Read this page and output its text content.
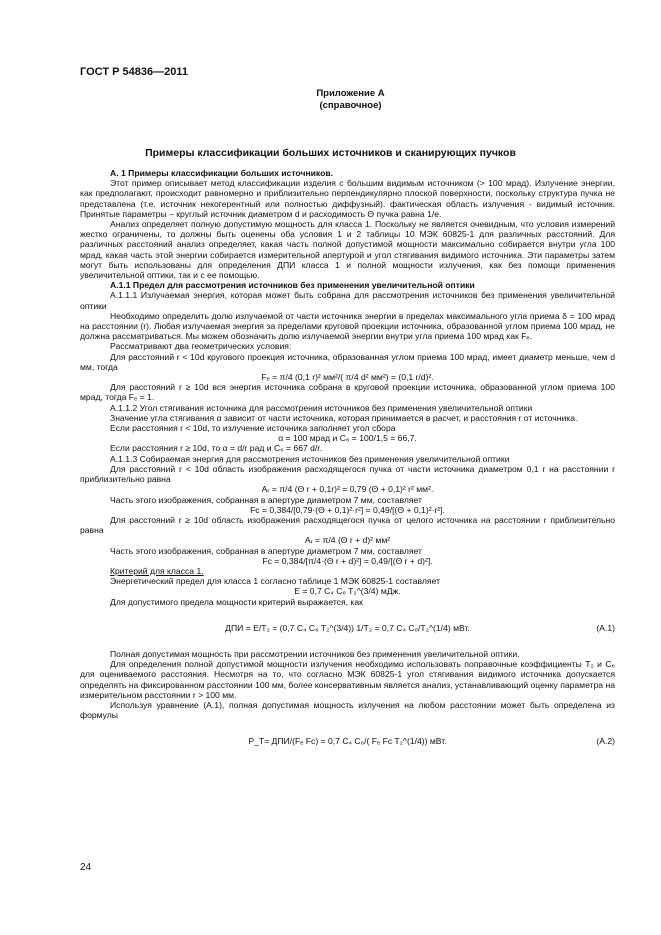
ГОСТ Р 54836—2011
Приложение А
(справочное)
Примеры классификации больших источников и сканирующих пучков

А. 1 Примеры классификации больших источников.

Этот пример описывает метод классификации изделия с большим видимым источником (> 100 мрад). Излучение энергии, как предполагают, происходит равномерно и приблизительно перпендикулярно плоской поверхности, поскольку структура пучка не представлена (т.е. источник некогерентный или полностью диффузный). фактическая область излучения - видимый источник. Принятые параметры – круглый источник диаметром d и расходимость Θ пучка равна 1/e.

Анализ определяет полную допустимую мощность для класса 1. Поскольку не является очевидным, что условия измерений жестко ограничены, то должны быть оценены оба условия 1 и 2 таблицы 10 МЭК 60825-1 для различных расстояний. Для различных расстояний анализ определяет, какая часть полной допустимой мощности максимально собирается внутри угла 100 мрад, какая часть этой энергии собирается измерительной апертурой и угол стягивания видимого источника. Эти параметры затем могут быть использованы для определения ДПИ класса 1 и полной мощности излучения, как без помощи применения увеличительной оптики, так и с ее помощью.

А.1.1 Предел для рассмотрения источников без применения увеличительной оптики

А.1.1.1 Излучаемая энергия, которая может быть собрана для рассмотрения источников без применения увеличительной оптики

Необходимо определить долю излучаемой от части источника энергии в пределах максимального угла приема δ = 100 мрад на расстоянии (r). Любая излучаемая энергия за пределами круговой проекции источника, образованной углом приема 100 мрад, не должна рассматриваться. Мы можем обозначить долю излучаемой энергии внутри угла приема 100 мрад как Fₑ.

Рассматривают два геометрических условия:

Для расстояний r < 10d кругового проекция источника, образованная углом приема 100 мрад, имеет диаметр меньше, чем d мм, тогда

Fₑ = π/4 (0,1 r)² мм²/( π/4 d² мм²) = (0,1 r/d)².

Для расстояний r ≥ 10d вся энергия источника собрана в круговой проекции источника, образованной углом приема 100 мрад, тогда Fₑ = 1.

А.1.1.2 Угол стягивания источника для рассмотрения источников без применения увеличительной оптики

Значение угла стягивания α зависит от части источника, которая принимается в расчет, и расстояния r от источника.

Если расстояния r < 10d, то излучение источника заполняет угол сбора

α = 100 мрад и C₆ = 100/1,5 = 66,7.

Если расстояния r ≥ 10d, то α = d/r рад и C₆ = 667 d/r.

А.1.1.3 Собираемая энергия для рассмотрения источников без применения увеличительной оптики

Для расстояний r < 10d область изображения расходящегося пучка от части источника диаметром 0,1 r на расстоянии r приблизительно равна

Aᵣ = π/4 (Θ r + 0,1r)² = 0,79 (Θ + 0,1)² r² мм².

Часть этого изображения, собранная в апертуре диаметром 7 мм, составляет

Fc = 0,384/[0,79·(Θ + 0,1)²·r²] = 0,49/[(Θ + 0,1)²·r²].

Для расстояний r ≥ 10d область изображения расходящегося пучка от целого источника на расстоянии r приблизительно равна

Aᵣ = π/4 (Θ r + d)² мм²

Часть этого изображения, собранная в апертуре диаметром 7 мм, составляет

Fc = 0,384/[π/4·(Θ r + d)²] = 0,49/[(Θ r + d)²].

Критерий для класса 1.

Энергетический предел для класса 1 согласно таблице 1 МЭК 60825-1 составляет

E = 0,7 C₄ C₆ T₂^(3/4) мДж.

Для допустимого предела мощности критерий выражается, как

ДПИ = E/T₂ = (0,7 C₄ C₆ T₂^(3/4)) 1/T₂ = 0,7 C₄ C₆/T₂^(1/4) мВт.	(A.1)

Полная допустимая мощность при рассмотрении источников без применения увеличительной оптики.

Для определения полной допустимой мощности излучения необходимо использовать поправочные коэффициенты T₂ и C₆ для оцениваемого расстояния. Несмотря на то, что согласно МЭК 60825-1 угол стягивания видимого источника допускается определять на фиксированном расстоянии 100 мм, более консервативным является анализ, устанавливающий оценку параметра на измерительном расстоянии r > 100 мм.

Используя уравнение (А.1), полная допустимая мощность излучения на любом расстоянии может быть определена из формулы

P_T= ДПИ/(Fₑ Fc) = 0,7 C₄ C₆/( Fₑ Fc T₂^(1/4)) мВт.	(A.2)
24
